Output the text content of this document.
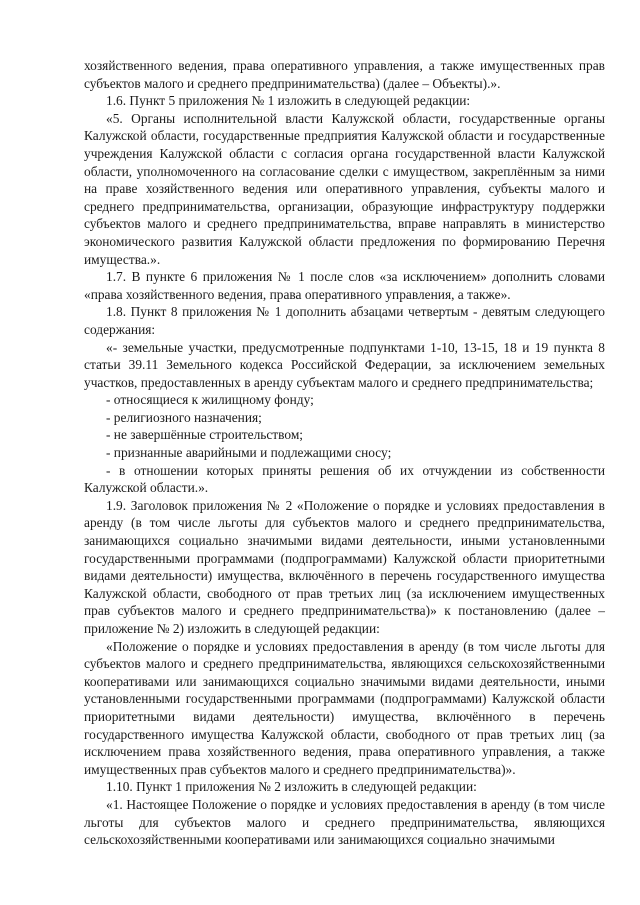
хозяйственного ведения, права оперативного управления, а также имущественных прав субъектов малого и среднего предпринимательства) (далее – Объекты).».

1.6. Пункт 5 приложения № 1 изложить в следующей редакции:

«5. Органы исполнительной власти Калужской области, государственные органы Калужской области, государственные предприятия Калужской области и государственные учреждения Калужской области с согласия органа государственной власти Калужской области, уполномоченного на согласование сделки с имуществом, закреплённым за ними на праве хозяйственного ведения или оперативного управления, субъекты малого и среднего предпринимательства, организации, образующие инфраструктуру поддержки субъектов малого и среднего предпринимательства, вправе направлять в министерство экономического развития Калужской области предложения по формированию Перечня имущества.».

1.7. В пункте 6 приложения № 1 после слов «за исключением» дополнить словами «права хозяйственного ведения, права оперативного управления, а также».

1.8. Пункт 8 приложения № 1 дополнить абзацами четвертым - девятым следующего содержания:

«- земельные участки, предусмотренные подпунктами 1-10, 13-15, 18 и 19 пункта 8 статьи 39.11 Земельного кодекса Российской Федерации, за исключением земельных участков, предоставленных в аренду субъектам малого и среднего предпринимательства;

- относящиеся к жилищному фонду;

- религиозного назначения;

- не завершённые строительством;

- признанные аварийными и подлежащими сносу;

- в отношении которых приняты решения об их отчуждении из собственности Калужской области.».

1.9. Заголовок приложения № 2 «Положение о порядке и условиях предоставления в аренду (в том числе льготы для субъектов малого и среднего предпринимательства, занимающихся социально значимыми видами деятельности, иными установленными государственными программами (подпрограммами) Калужской области приоритетными видами деятельности) имущества, включённого в перечень государственного имущества Калужской области, свободного от прав третьих лиц (за исключением имущественных прав субъектов малого и среднего предпринимательства)» к постановлению (далее – приложение № 2) изложить в следующей редакции:

«Положение о порядке и условиях предоставления в аренду (в том числе льготы для субъектов малого и среднего предпринимательства, являющихся сельскохозяйственными кооперативами или занимающихся социально значимыми видами деятельности, иными установленными государственными программами (подпрограммами) Калужской области приоритетными видами деятельности) имущества, включённого в перечень государственного имущества Калужской области, свободного от прав третьих лиц (за исключением права хозяйственного ведения, права оперативного управления, а также имущественных прав субъектов малого и среднего предпринимательства)».

1.10. Пункт 1 приложения № 2 изложить в следующей редакции:

«1. Настоящее Положение о порядке и условиях предоставления в аренду (в том числе льготы для субъектов малого и среднего предпринимательства, являющихся сельскохозяйственными кооперативами или занимающихся социально значимыми
